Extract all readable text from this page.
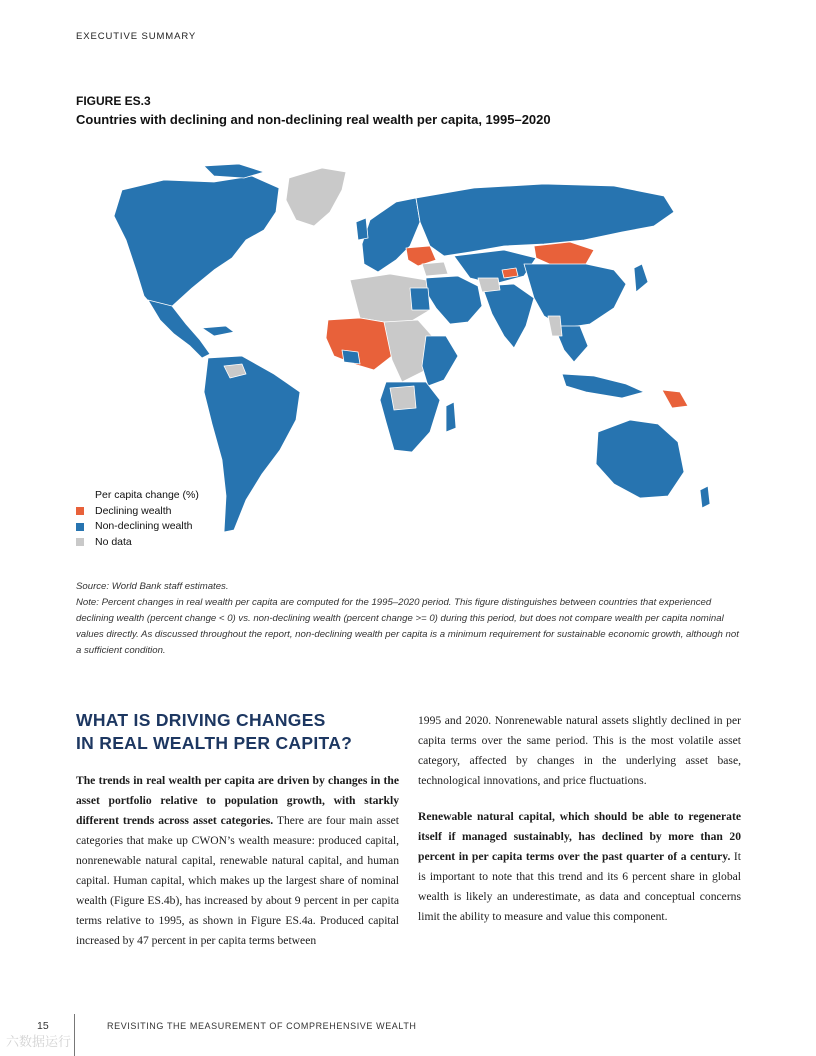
EXECUTIVE SUMMARY
FIGURE ES.3
Countries with declining and non-declining real wealth per capita, 1995–2020
Per capita change (%)
Declining wealth
Non-declining wealth
No data

Source: World Bank staff estimates.

Note: Percent changes in real wealth per capita are computed for the 1995–2020 period. This figure distinguishes between countries that experienced declining wealth (percent change < 0) vs. non-declining wealth (percent change >= 0) during this period, but does not compare wealth per capita nominal values directly. As discussed throughout the report, non-declining wealth per capita is a minimum requirement for sustainable economic growth, although not a sufficient condition.

WHAT IS DRIVING CHANGES
IN REAL WEALTH PER CAPITA?

The trends in real wealth per capita are driven by changes in the asset portfolio relative to population growth, with starkly different trends across asset categories. There are four main asset categories that make up CWON’s wealth measure: produced capital, nonrenewable natural capital, renewable natural capital, and human capital. Human capital, which makes up the largest share of nominal wealth (Figure ES.4b), has increased by about 9 percent in per capita terms relative to 1995, as shown in Figure ES.4a. Produced capital increased by 47 percent in per capita terms between

1995 and 2020. Nonrenewable natural assets slightly declined in per capita terms over the same period. This is the most volatile asset category, affected by changes in the underlying asset base, technological innovations, and price fluctuations.

Renewable natural capital, which should be able to regenerate itself if managed sustainably, has declined by more than 20 percent in per capita terms over the past quarter of a century. It is important to note that this trend and its 6 percent share in global wealth is likely an underestimate, as data and conceptual concerns limit the ability to measure and value this component.

15	REVISITING THE MEASUREMENT OF COMPREHENSIVE WEALTH
六数据运行
